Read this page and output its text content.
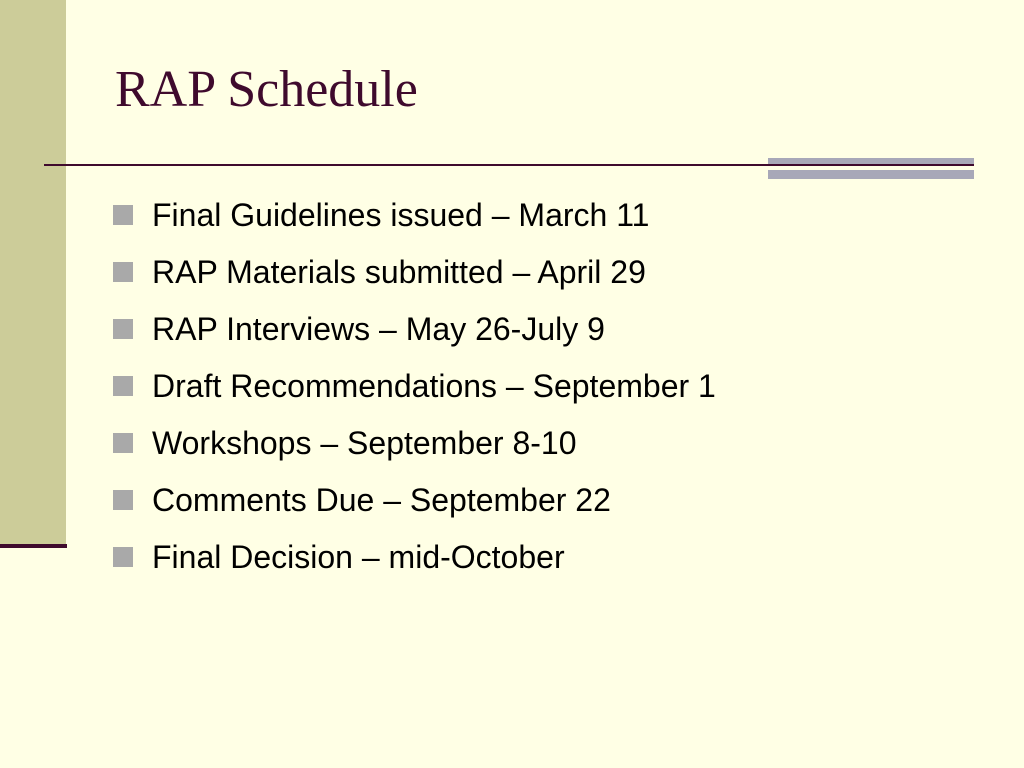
RAP Schedule
Final Guidelines issued – March 11
RAP Materials submitted – April 29
RAP Interviews – May 26-July 9
Draft Recommendations – September 1
Workshops – September 8-10
Comments Due – September 22
Final Decision – mid-October
